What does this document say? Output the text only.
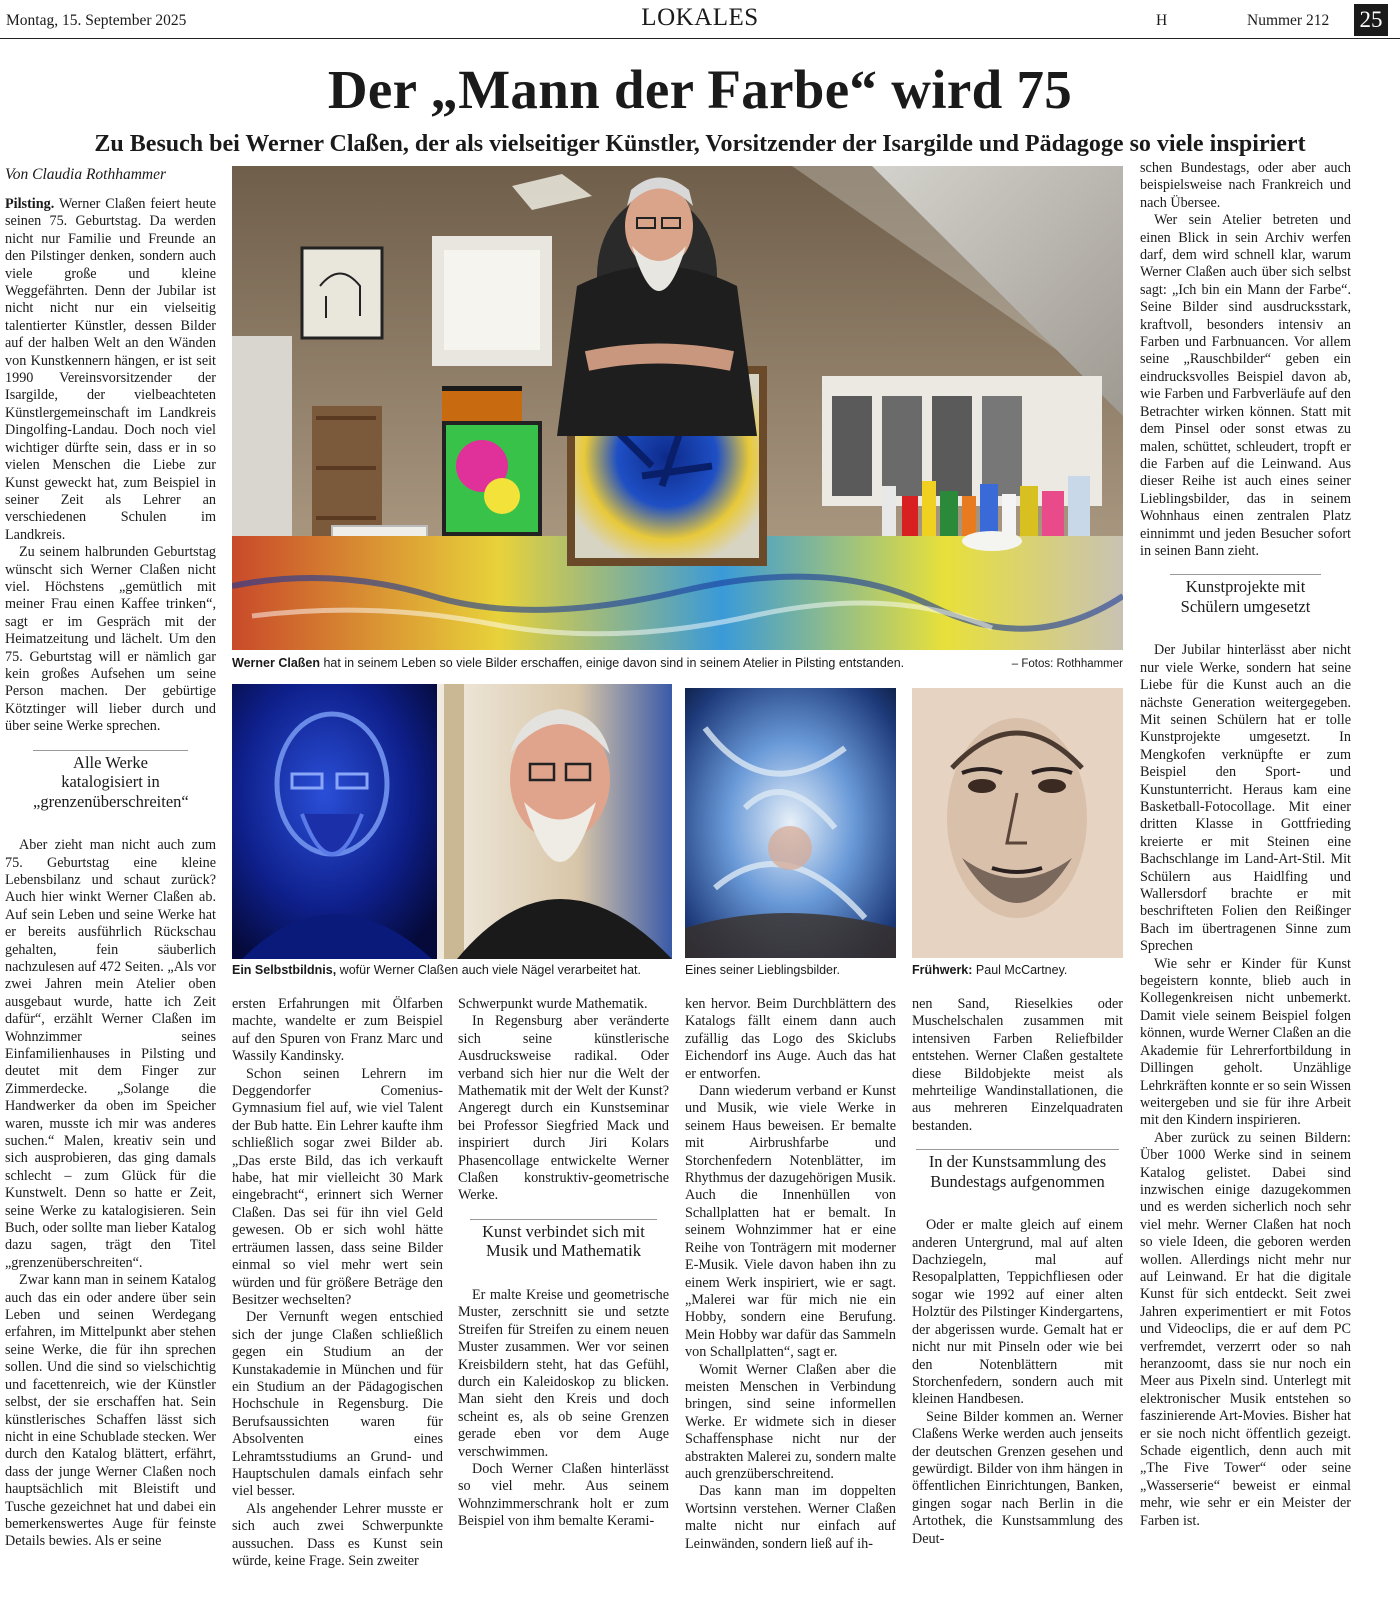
Montag, 15. September 2025	LOKALES	H	Nummer 212 25
Der „Mann der Farbe“ wird 75
Zu Besuch bei Werner Claßen, der als vielseitiger Künstler, Vorsitzender der Isargilde und Pädagoge so viele inspiriert
Von Claudia Rothhammer
Werner Claßen hat in seinem Leben so viele Bilder erschaffen, einige davon sind in seinem Atelier in Pilsting entstanden.	– Fotos: Rothhammer
Ein Selbstbildnis, wofür Werner Claßen auch viele Nägel verarbeitet hat.	Eines seiner Lieblingsbilder.	Frühwerk: Paul McCartney.

Pilsting. Werner Claßen feiert heute seinen 75. Geburtstag. Da werden nicht nur Familie und Freunde an den Pilstinger denken, sondern auch viele große und kleine Weggefährten. Denn der Jubilar ist nicht nicht nur ein vielseitig talentierter Künstler, dessen Bilder auf der halben Welt an den Wänden von Kunstkennern hängen, er ist seit 1990 Vereinsvorsitzender der Isargilde, der vielbeachteten Künstlergemeinschaft im Landkreis Dingolfing-Landau. Doch noch viel wichtiger dürfte sein, dass er in so vielen Menschen die Liebe zur Kunst geweckt hat, zum Beispiel in seiner Zeit als Lehrer an verschiedenen Schulen im Landkreis.

Zu seinem halbrunden Geburtstag wünscht sich Werner Claßen nicht viel. Höchstens „gemütlich mit meiner Frau einen Kaffee trinken“, sagt er im Gespräch mit der Heimatzeitung und lächelt. Um den 75. Geburtstag will er nämlich gar kein großes Aufsehen um seine Person machen. Der gebürtige Kötztinger will lieber durch und über seine Werke sprechen.

Alle Werke katalogisiert in „grenzenüberschreiten“

Aber zieht man nicht auch zum 75. Geburtstag eine kleine Lebensbilanz und schaut zurück? Auch hier winkt Werner Claßen ab. Auf sein Leben und seine Werke hat er bereits ausführlich Rückschau gehalten, fein säuberlich nachzulesen auf 472 Seiten. „Als vor zwei Jahren mein Atelier oben ausgebaut wurde, hatte ich Zeit dafür“, erzählt Werner Claßen im Wohnzimmer seines Einfamilienhauses in Pilsting und deutet mit dem Finger zur Zimmerdecke. „Solange die Handwerker da oben im Speicher waren, musste ich mir was anderes suchen.“ Malen, kreativ sein und sich ausprobieren, das ging damals schlecht – zum Glück für die Kunstwelt. Denn so hatte er Zeit, seine Werke zu katalogisieren. Sein Buch, oder sollte man lieber Katalog dazu sagen, trägt den Titel „grenzenüberschreiten“.

Zwar kann man in seinem Katalog auch das ein oder andere über sein Leben und seinen Werdegang erfahren, im Mittelpunkt aber stehen seine Werke, die für ihn sprechen sollen. Und die sind so vielschichtig und facettenreich, wie der Künstler selbst, der sie erschaffen hat. Sein künstlerisches Schaffen lässt sich nicht in eine Schublade stecken. Wer durch den Katalog blättert, erfährt, dass der junge Werner Claßen noch hauptsächlich mit Bleistift und Tusche gezeichnet hat und dabei ein bemerkenswertes Auge für feinste Details bewies. Als er seine

ersten Erfahrungen mit Ölfarben machte, wandelte er zum Beispiel auf den Spuren von Franz Marc und Wassily Kandinsky.

Schon seinen Lehrern im Deggendorfer Comenius-Gymnasium fiel auf, wie viel Talent der Bub hatte. Ein Lehrer kaufte ihm schließlich sogar zwei Bilder ab. „Das erste Bild, das ich verkauft habe, hat mir vielleicht 30 Mark eingebracht“, erinnert sich Werner Claßen. Das sei für ihn viel Geld gewesen. Ob er sich wohl hätte erträumen lassen, dass seine Bilder einmal so viel mehr wert sein würden und für größere Beträge den Besitzer wechselten?

Der Vernunft wegen entschied sich der junge Claßen schließlich gegen ein Studium an der Kunstakademie in München und für ein Studium an der Pädagogischen Hochschule in Regensburg. Die Berufsaussichten waren für Absolventen eines Lehramtsstudiums an Grund- und Hauptschulen damals einfach sehr viel besser.

Als angehender Lehrer musste er sich auch zwei Schwerpunkte aussuchen. Dass es Kunst sein würde, keine Frage. Sein zweiter

Schwerpunkt wurde Mathematik.

In Regensburg aber veränderte sich seine künstlerische Ausdrucksweise radikal. Oder verband sich hier nur die Welt der Mathematik mit der Welt der Kunst? Angeregt durch ein Kunstseminar bei Professor Siegfried Mack und inspiriert durch Jiri Kolars Phasencollage entwickelte Werner Claßen konstruktiv-geometrische Werke.

Kunst verbindet sich mit Musik und Mathematik

Er malte Kreise und geometrische Muster, zerschnitt sie und setzte Streifen für Streifen zu einem neuen Muster zusammen. Wer vor seinen Kreisbildern steht, hat das Gefühl, durch ein Kaleidoskop zu blicken. Man sieht den Kreis und doch scheint es, als ob seine Grenzen gerade eben vor dem Auge verschwimmen.

Doch Werner Claßen hinterlässt so viel mehr. Aus seinem Wohnzimmerschrank holt er zum Beispiel von ihm bemalte Kerami-

ken hervor. Beim Durchblättern des Katalogs fällt einem dann auch zufällig das Logo des Skiclubs Eichendorf ins Auge. Auch das hat er entworfen.

Dann wiederum verband er Kunst und Musik, wie viele Werke in seinem Haus beweisen. Er bemalte mit Airbrushfarbe und Storchenfedern Notenblätter, im Rhythmus der dazugehörigen Musik. Auch die Innenhüllen von Schallplatten hat er bemalt. In seinem Wohnzimmer hat er eine Reihe von Tonträgern mit moderner E-Musik. Viele davon haben ihn zu einem Werk inspiriert, wie er sagt. „Malerei war für mich nie ein Hobby, sondern eine Berufung. Mein Hobby war dafür das Sammeln von Schallplatten“, sagt er.

Womit Werner Claßen aber die meisten Menschen in Verbindung bringen, sind seine informellen Werke. Er widmete sich in dieser Schaffensphase nicht nur der abstrakten Malerei zu, sondern malte auch grenzüberschreitend.

Das kann man im doppelten Wortsinn verstehen. Werner Claßen malte nicht nur einfach auf Leinwänden, sondern ließ auf ih-

nen Sand, Rieselkies oder Muschelschalen zusammen mit intensiven Farben Reliefbilder entstehen. Werner Claßen gestaltete diese Bildobjekte meist als mehrteilige Wandinstallationen, die aus mehreren Einzelquadraten bestanden.

In der Kunstsammlung des Bundestags aufgenommen

Oder er malte gleich auf einem anderen Untergrund, mal auf alten Dachziegeln, mal auf Resopalplatten, Teppichfliesen oder sogar wie 1992 auf einer alten Holztür des Pilstinger Kindergartens, der abgerissen wurde. Gemalt hat er nicht nur mit Pinseln oder wie bei den Notenblättern mit Storchenfedern, sondern auch mit kleinen Handbesen.

Seine Bilder kommen an. Werner Claßens Werke werden auch jenseits der deutschen Grenzen gesehen und gewürdigt. Bilder von ihm hängen in öffentlichen Einrichtungen, Banken, gingen sogar nach Berlin in die Artothek, die Kunstsammlung des Deut-

schen Bundestags, oder aber auch beispielsweise nach Frankreich und nach Übersee.

Wer sein Atelier betreten und einen Blick in sein Archiv werfen darf, dem wird schnell klar, warum Werner Claßen auch über sich selbst sagt: „Ich bin ein Mann der Farbe“. Seine Bilder sind ausdrucksstark, kraftvoll, besonders intensiv an Farben und Farbnuancen. Vor allem seine „Rauschbilder“ geben ein eindrucksvolles Beispiel davon ab, wie Farben und Farbverläufe auf den Betrachter wirken können. Statt mit dem Pinsel oder sonst etwas zu malen, schüttet, schleudert, tropft er die Farben auf die Leinwand. Aus dieser Reihe ist auch eines seiner Lieblingsbilder, das in seinem Wohnhaus einen zentralen Platz einnimmt und jeden Besucher sofort in seinen Bann zieht.

Kunstprojekte mit Schülern umgesetzt

Der Jubilar hinterlässt aber nicht nur viele Werke, sondern hat seine Liebe für die Kunst auch an die nächste Generation weitergegeben. Mit seinen Schülern hat er tolle Kunstprojekte umgesetzt. In Mengkofen verknüpfte er zum Beispiel den Sport- und Kunstunterricht. Heraus kam eine Basketball-Fotocollage. Mit einer dritten Klasse in Gottfrieding kreierte er mit Steinen eine Bachschlange im Land-Art-Stil. Mit Schülern aus Haidlfing und Wallersdorf brachte er mit beschrifteten Folien den Reißinger Bach im übertragenen Sinne zum Sprechen

Wie sehr er Kinder für Kunst begeistern konnte, blieb auch in Kollegenkreisen nicht unbemerkt. Damit viele seinem Beispiel folgen können, wurde Werner Claßen an die Akademie für Lehrerfortbildung in Dillingen geholt. Unzählige Lehrkräften konnte er so sein Wissen weitergeben und sie für ihre Arbeit mit den Kindern inspirieren.

Aber zurück zu seinen Bildern: Über 1000 Werke sind in seinem Katalog gelistet. Dabei sind inzwischen einige dazugekommen und es werden sicherlich noch sehr viel mehr. Werner Claßen hat noch so viele Ideen, die geboren werden wollen. Allerdings nicht mehr nur auf Leinwand. Er hat die digitale Kunst für sich entdeckt. Seit zwei Jahren experimentiert er mit Fotos und Videoclips, die er auf dem PC verfremdet, verzerrt oder so nah heranzoomt, dass sie nur noch ein Meer aus Pixeln sind. Unterlegt mit elektronischer Musik entstehen so faszinierende Art-Movies. Bisher hat er sie noch nicht öffentlich gezeigt. Schade eigentlich, denn auch mit „The Five Tower“ oder seine „Wasserserie“ beweist er einmal mehr, wie sehr er ein Meister der Farben ist.
